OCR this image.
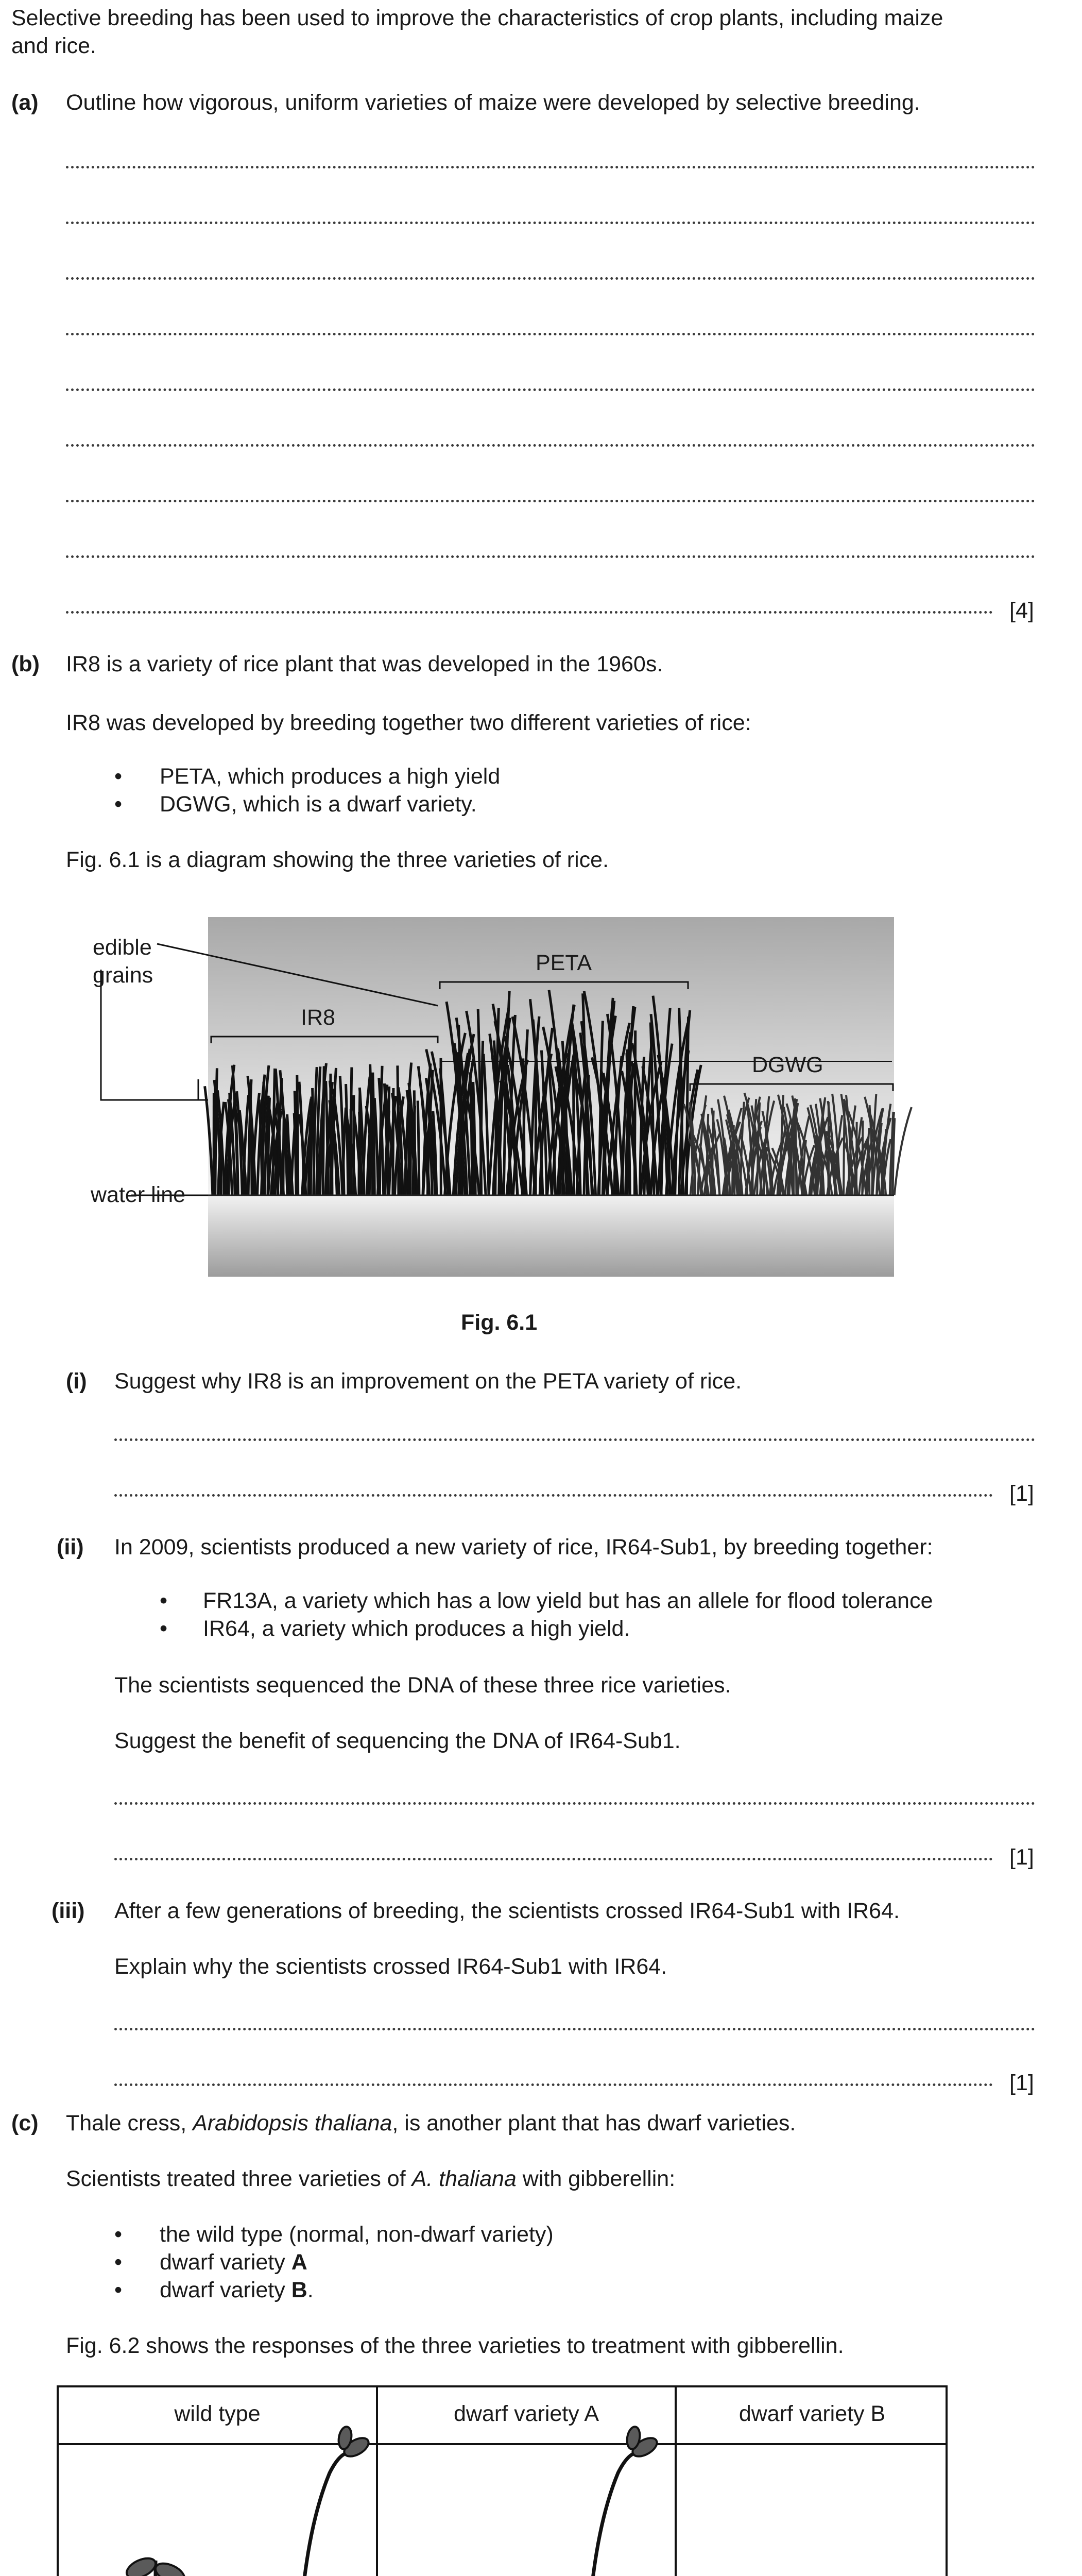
Selective breeding has been used to improve the characteristics of crop plants, including maize
and rice.
(a) Outline how vigorous, uniform varieties of maize were developed by selective breeding.
[4]
(b) IR8 is a variety of rice plant that was developed in the 1960s.
IR8 was developed by breeding together two different varieties of rice:
• PETA, which produces a high yield
• DGWG, which is a dwarf variety.
Fig. 6.1 is a diagram showing the three varieties of rice.
edible
grains
IR8
PETA
DGWG
water line
Fig. 6.1
(i) Suggest why IR8 is an improvement on the PETA variety of rice.
[1]
(ii) In 2009, scientists produced a new variety of rice, IR64-Sub1, by breeding together:
• FR13A, a variety which has a low yield but has an allele for flood tolerance
• IR64, a variety which produces a high yield.
The scientists sequenced the DNA of these three rice varieties.
Suggest the benefit of sequencing the DNA of IR64-Sub1.
[1]
(iii) After a few generations of breeding, the scientists crossed IR64-Sub1 with IR64.
Explain why the scientists crossed IR64-Sub1 with IR64.
[1]
(c) Thale cress, Arabidopsis thaliana, is another plant that has dwarf varieties.
Scientists treated three varieties of A. thaliana with gibberellin:
• the wild type (normal, non-dwarf variety)
• dwarf variety A
• dwarf variety B.
Fig. 6.2 shows the responses of the three varieties to treatment with gibberellin.
wild type	dwarf variety A	dwarf variety B
